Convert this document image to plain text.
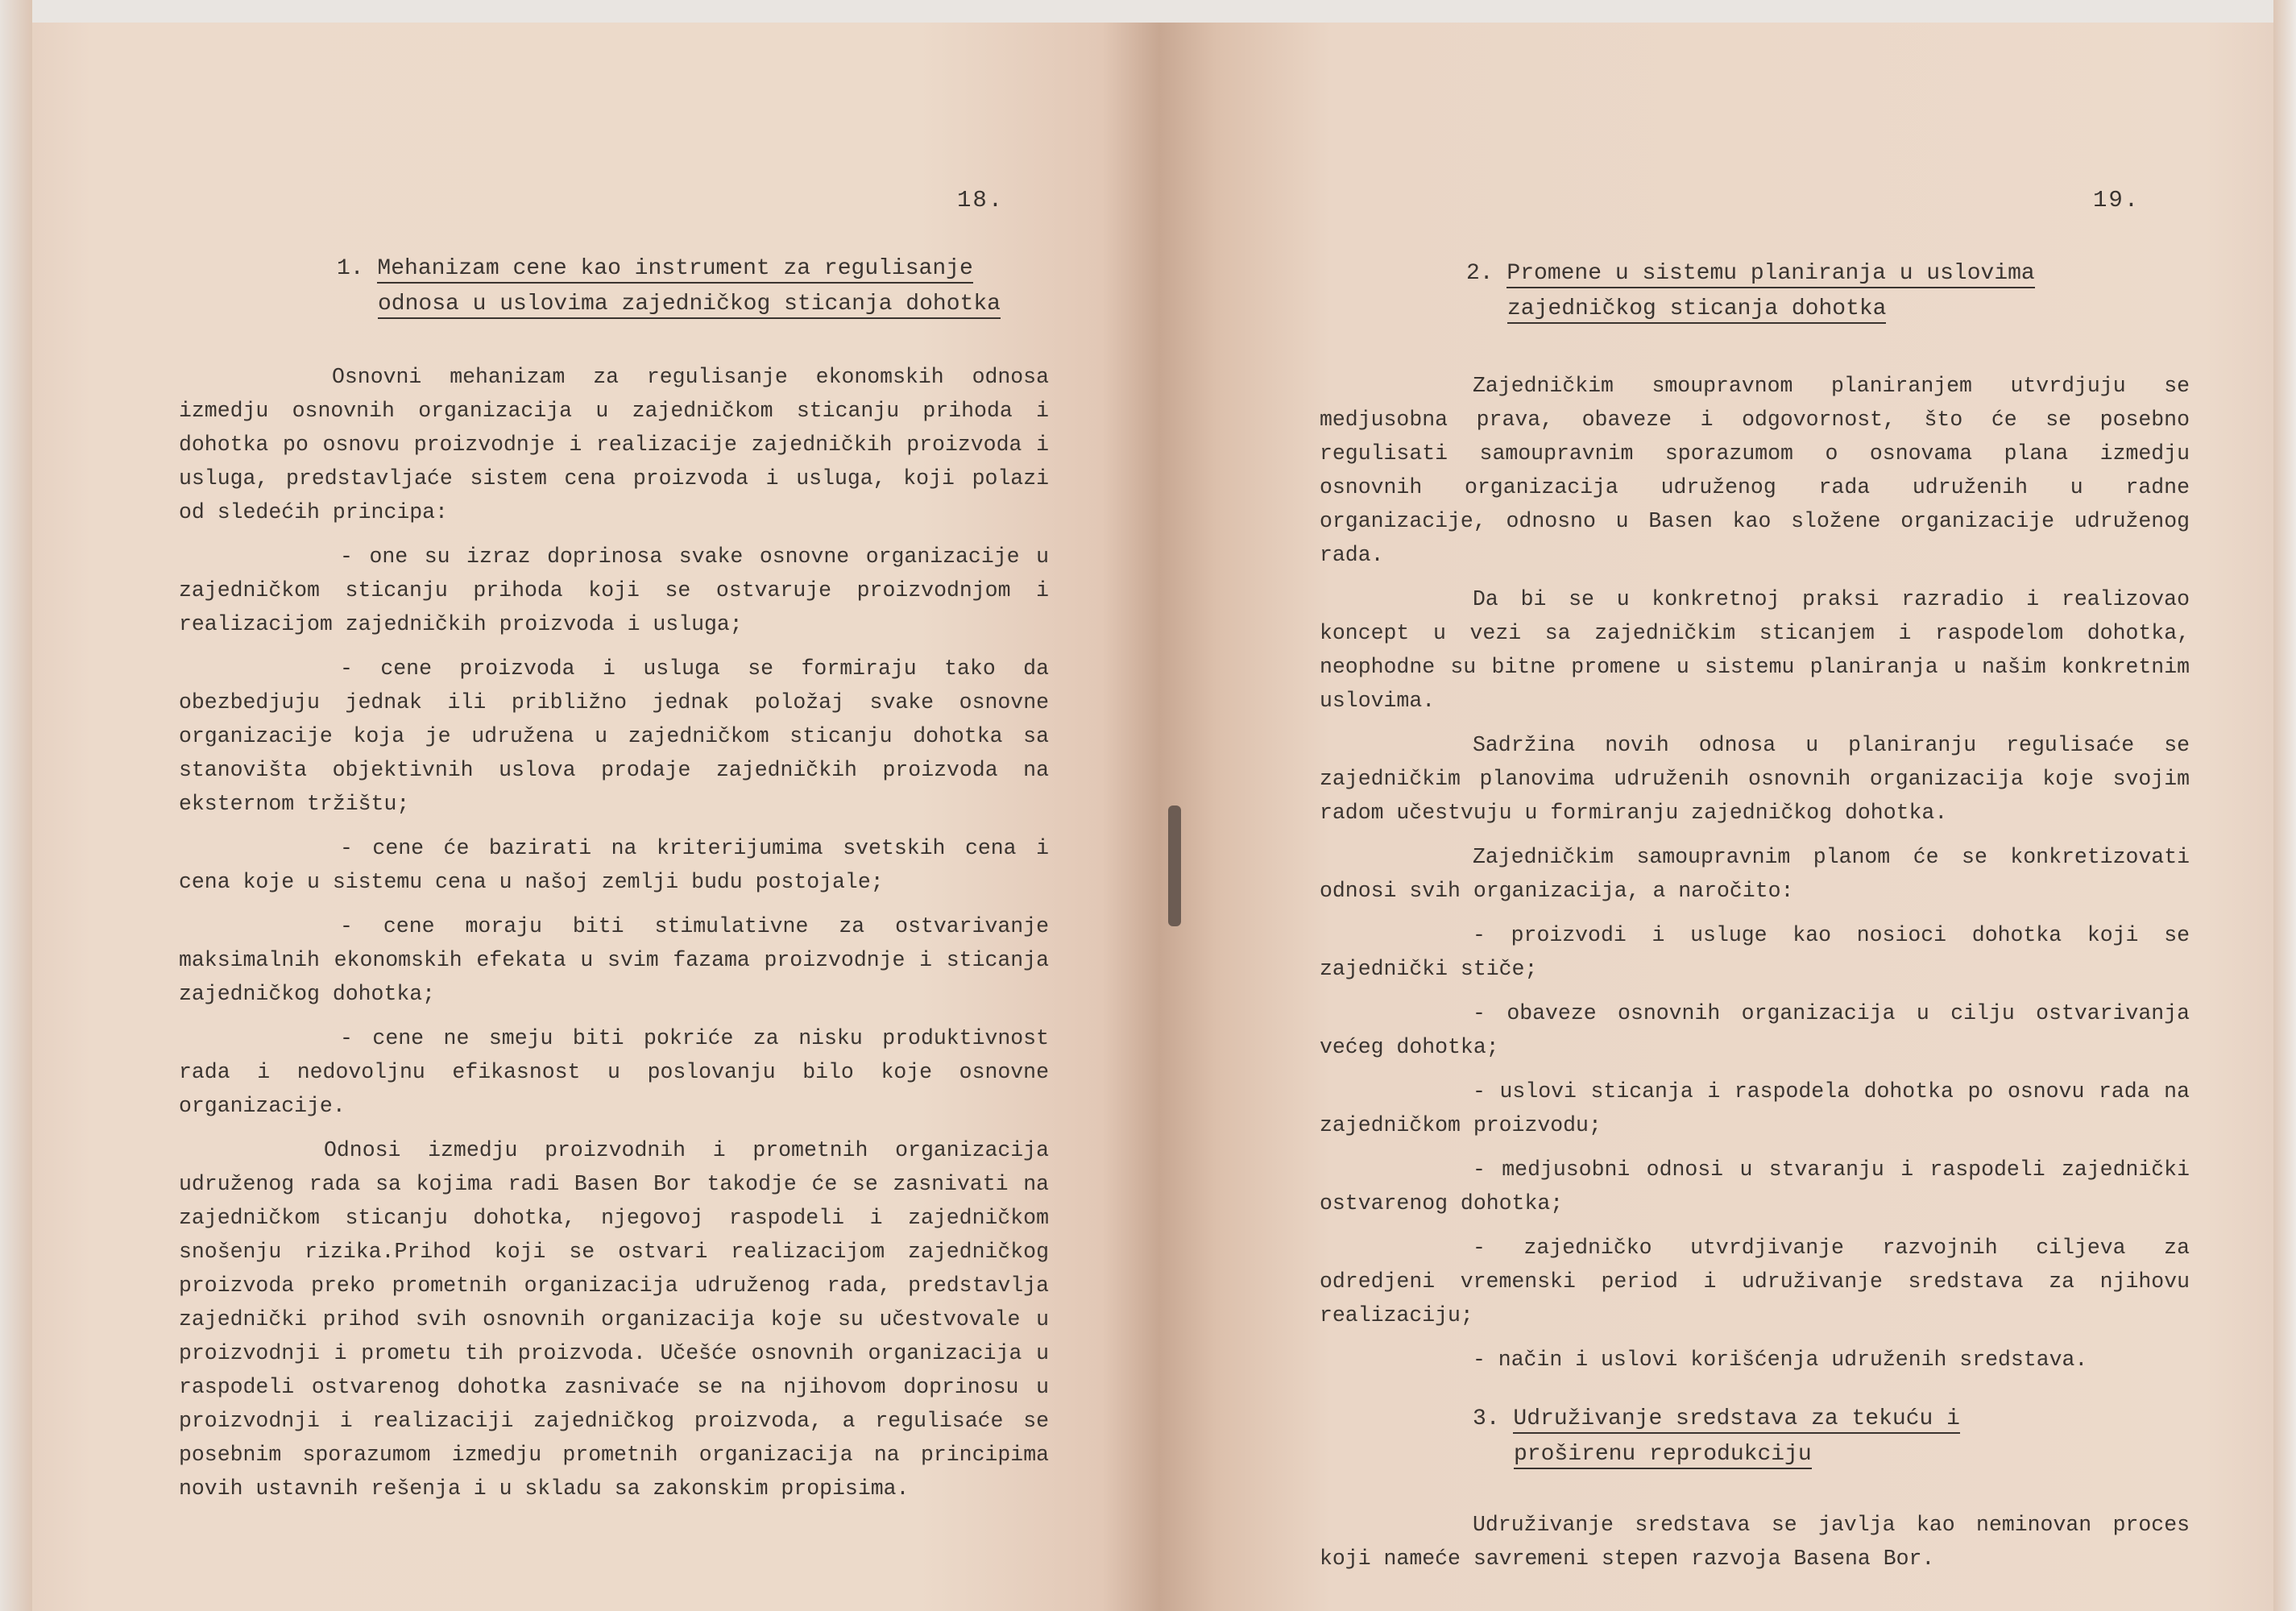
18.
1. Mehanizam cene kao instrument za regulisanje
odnosa u uslovima zajedničkog sticanja dohotka

Osnovni mehanizam za regulisanje ekonomskih odnosa izmedju osnovnih organizacija u zajedničkom sticanju prihoda i dohotka po osnovu proizvodnje i realizacije zajedničkih proizvoda i usluga, predstavljaće sistem cena proizvoda i usluga, koji polazi od sledećih principa:

- one su izraz doprinosa svake osnovne organizacije u zajedničkom sticanju prihoda koji se ostvaruje proizvodnjom i realizacijom zajedničkih proizvoda i usluga;

- cene proizvoda i usluga se formiraju tako da obezbedjuju jednak ili približno jednak položaj svake osnovne organizacije koja je udružena u zajedničkom sticanju dohotka sa stanovišta objektivnih uslova prodaje zajedničkih proizvoda na eksternom tržištu;

- cene će bazirati na kriterijumima svetskih cena i cena koje u sistemu cena u našoj zemlji budu postojale;

- cene moraju biti stimulativne za ostvarivanje maksimalnih ekonomskih efekata u svim fazama proizvodnje i sticanja zajedničkog dohotka;

- cene ne smeju biti pokriće za nisku produktivnost rada i nedovoljnu efikasnost u poslovanju bilo koje osnovne organizacije.

Odnosi izmedju proizvodnih i prometnih organizacija udruženog rada sa kojima radi Basen Bor takodje će se zasnivati na zajedničkom sticanju dohotka, njegovoj raspodeli i zajedničkom snošenju rizika.Prihod koji se ostvari realizacijom zajedničkog proizvoda preko prometnih organizacija udruženog rada, predstavlja zajednički prihod svih osnovnih organizacija koje su učestvovale u proizvodnji i prometu tih proizvoda. Učešće osnovnih organizacija u raspodeli ostvarenog dohotka zasnivaće se na njihovom doprinosu u proizvodnji i realizaciji zajedničkog proizvoda, a regulisaće se posebnim sporazumom izmedju prometnih organizacija na principima novih ustavnih rešenja i u skladu sa zakonskim propisima.

19.
2. Promene u sistemu planiranja u uslovima
zajedničkog sticanja dohotka

Zajedničkim smoupravnom planiranjem utvrdjuju se medjusobna prava, obaveze i odgovornost, što će se posebno regulisati samoupravnim sporazumom o osnovama plana izmedju osnovnih organizacija udruženog rada udruženih u radne organizacije, odnosno u Basen kao složene organizacije udruženog rada.

Da bi se u konkretnoj praksi razradio i realizovao koncept u vezi sa zajedničkim sticanjem i raspodelom dohotka, neophodne su bitne promene u sistemu planiranja u našim konkretnim uslovima.

Sadržina novih odnosa u planiranju regulisaće se zajedničkim planovima udruženih osnovnih organizacija koje svojim radom učestvuju u formiranju zajedničkog dohotka.

Zajedničkim samoupravnim planom će se konkretizovati odnosi svih organizacija, a naročito:

- proizvodi i usluge kao nosioci dohotka koji se zajednički stiče;

- obaveze osnovnih organizacija u cilju ostvarivanja većeg dohotka;

- uslovi sticanja i raspodela dohotka po osnovu rada na zajedničkom proizvodu;

- medjusobni odnosi u stvaranju i raspodeli zajednički ostvarenog dohotka;

- zajedničko utvrdjivanje razvojnih ciljeva za odredjeni vremenski period i udruživanje sredstava za njihovu realizaciju;

- način i uslovi korišćenja udruženih sredstava.

3. Udruživanje sredstava za tekuću i
proširenu reprodukciju

Udruživanje sredstava se javlja kao neminovan proces koji nameće savremeni stepen razvoja Basena Bor.
